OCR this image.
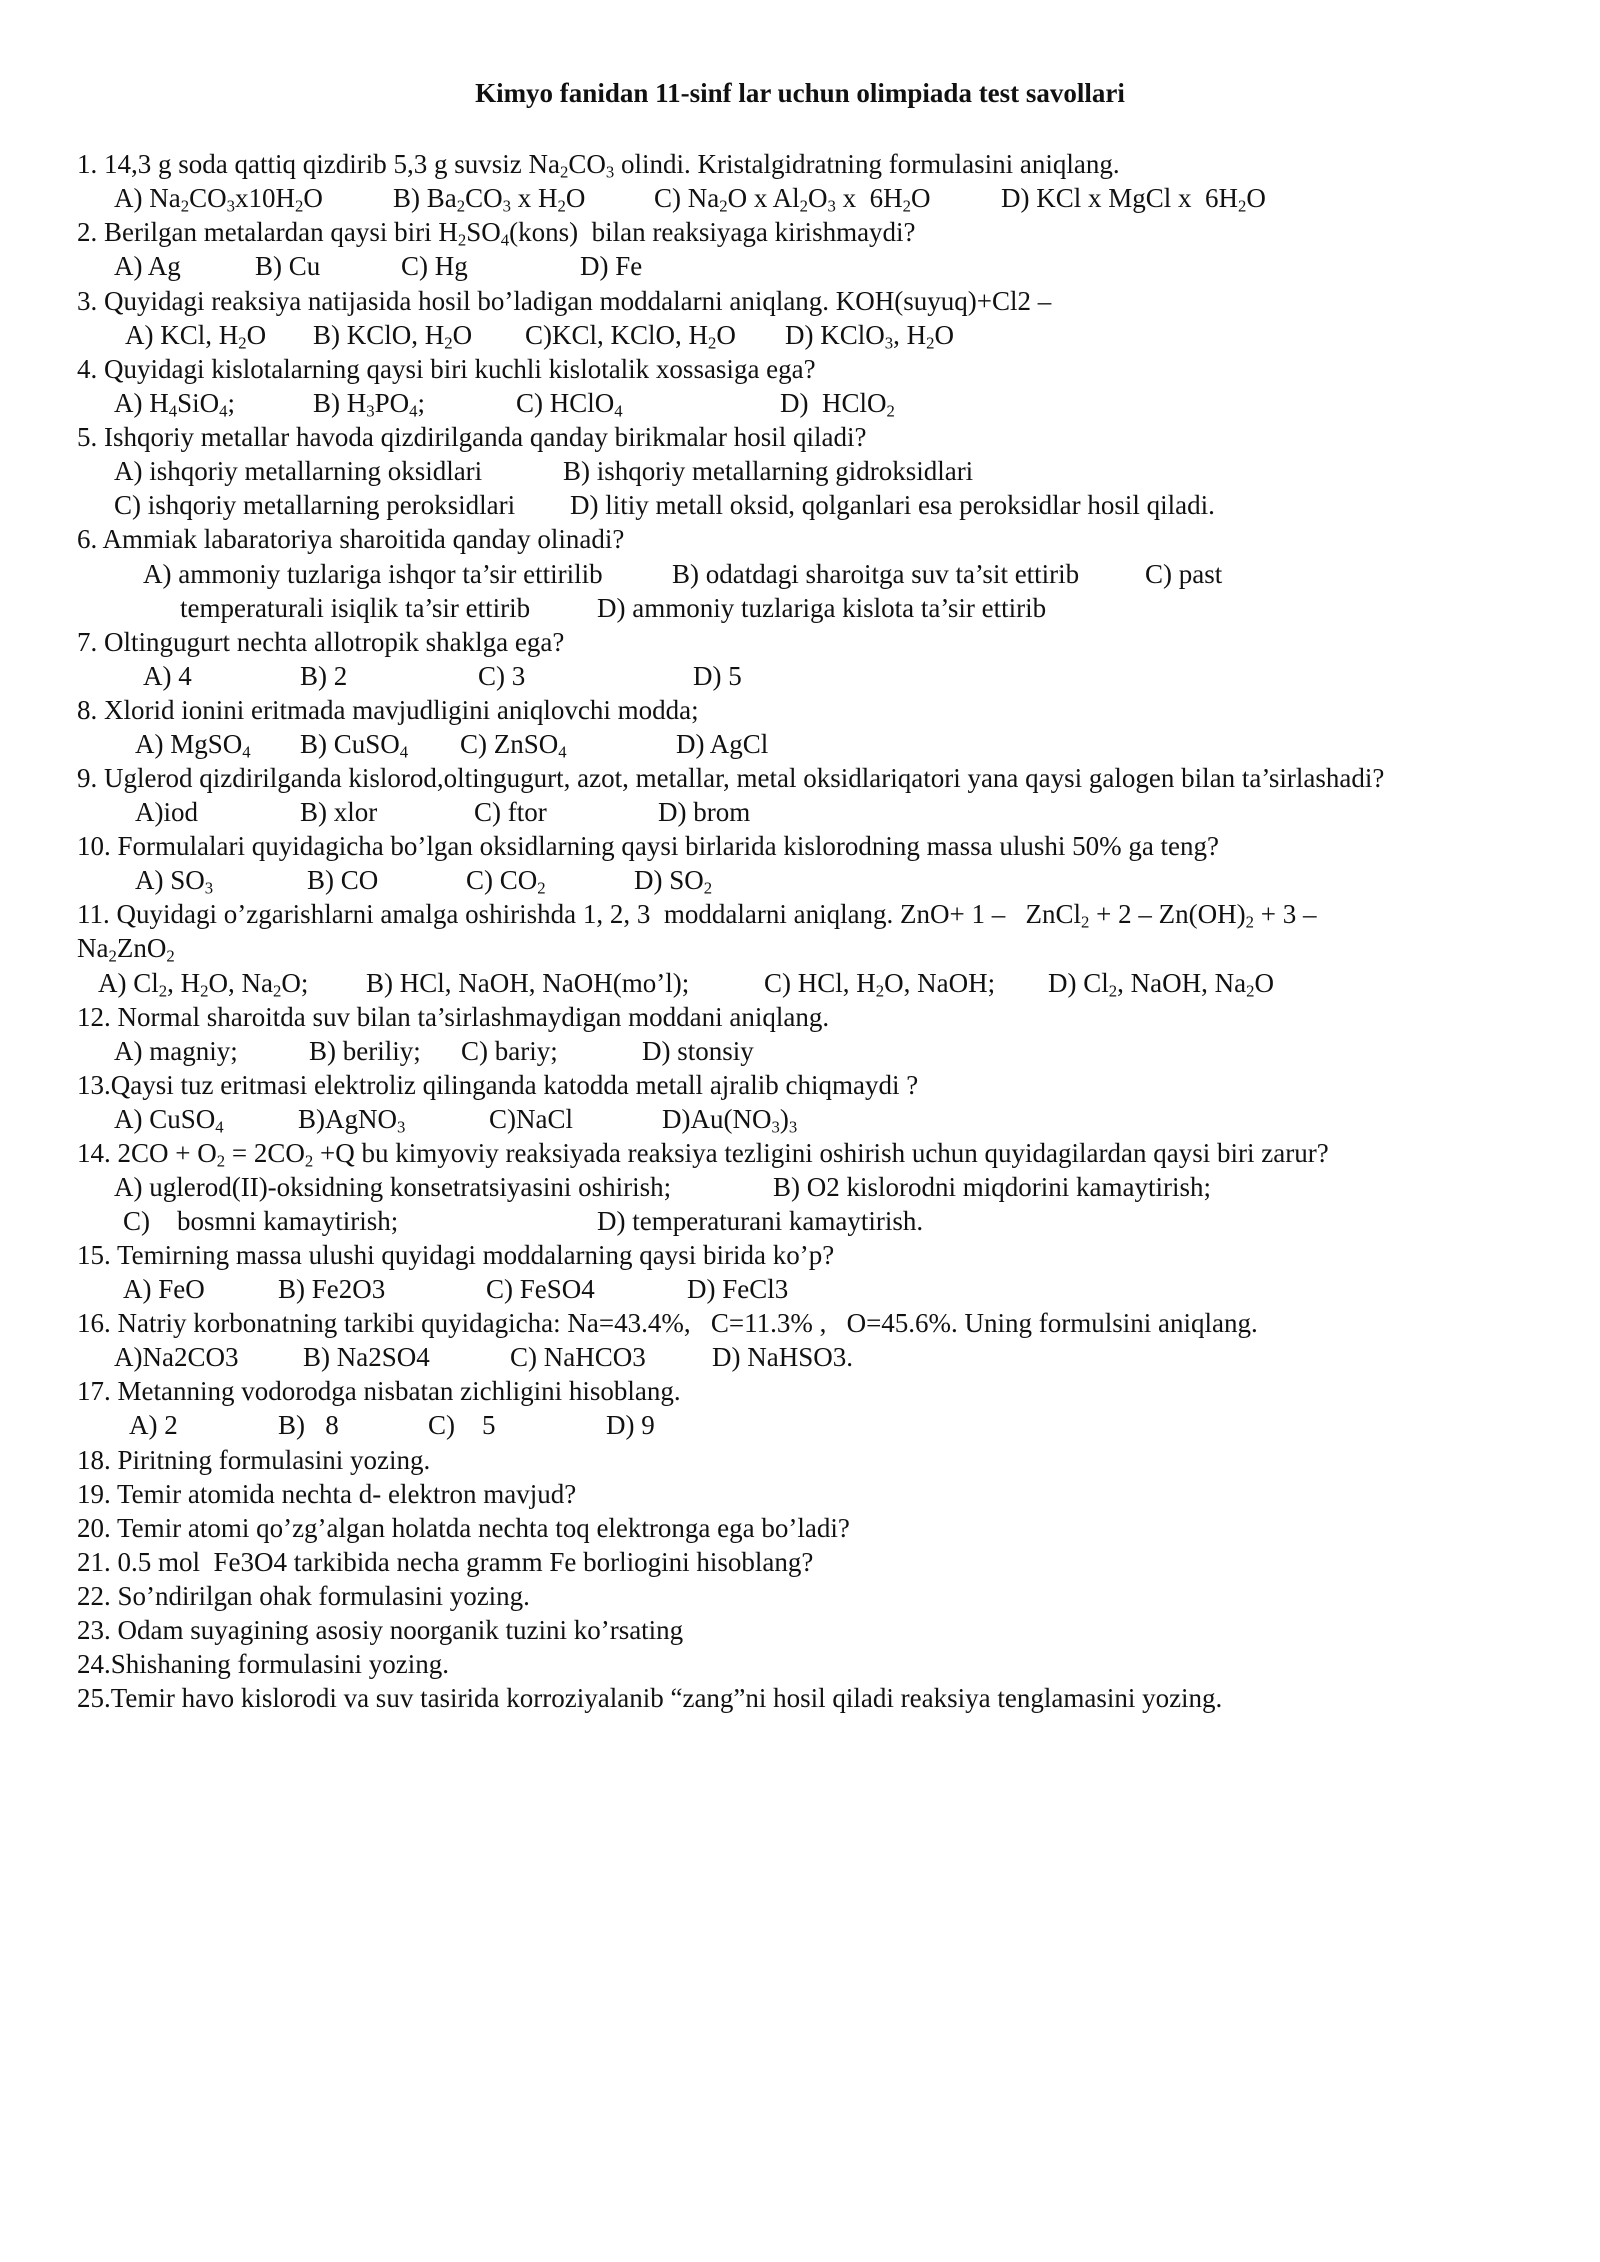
Kimyo fanidan 11-sinf lar uchun olimpiada test savollari
1. 14,3 g soda qattiq qizdirib 5,3 g suvsiz $Na_2CO_3$ olindi. Kristalgidratning formulasini aniqlang.
A) $Na_2CO_3x10H_2O$	B) $Ba_2CO_3$ x $H_2O$	C) $Na_2O$ x $Al_2O_3$ x  $6H_2O$	D) KCl x MgCl x  $6H_2O$
2. Berilgan metalardan qaysi biri $H_2SO_4(kons)$  bilan reaksiyaga kirishmaydi?
A) Ag	B) Cu	C) Hg	D) Fe
3. Quyidagi reaksiya natijasida hosil bo’ladigan moddalarni aniqlang. KOH(suyuq)+Cl2 –
A) KCl, $H_2O$ B) KClO, $H_2O$ C)KCl, KClO, $H_2O$ D) KClO$_3$, $H_2O$
4. Quyidagi kislotalarning qaysi biri kuchli kislotalik xossasiga ega?
A) $H_4SiO_4$;	B) $H_3PO_4$;	C) HClO$_4$	D)  HClO$_2$
5. Ishqoriy metallar havoda qizdirilganda qanday birikmalar hosil qiladi?
A) ishqoriy metallarning oksidlari	B) ishqoriy metallarning gidroksidlari
C) ishqoriy metallarning peroksidlari D) litiy metall oksid, qolganlari esa peroksidlar hosil qiladi.
6. Ammiak labaratoriya sharoitida qanday olinadi?
A) ammoniy tuzlariga ishqor ta’sir ettirilib	B) odatdagi sharoitga suv ta’sit ettirib C) past
temperaturali isiqlik ta’sir ettirib D) ammoniy tuzlariga kislota ta’sir ettirib
7. Oltingugurt nechta allotropik shaklga ega?
A) 4	B) 2	C) 3	D) 5
8. Xlorid ionini eritmada mavjudligini aniqlovchi modda;
A) MgSO$_4$ B) CuSO$_4$ C) ZnSO$_4$	D) AgCl
9. Uglerod qizdirilganda kislorod,oltingugurt, azot, metallar, metal oksidlariqatori yana qaysi galogen bilan ta’sirlashadi?
A)iod	B) xlor	C) ftor	D) brom
10. Formulalari quyidagicha bo’lgan oksidlarning qaysi birlarida kislorodning massa ulushi 50% ga teng?
A) $SO_3$	B) CO	C) $CO_2$	D) $SO_2$
11. Quyidagi o’zgarishlarni amalga oshirishda 1, 2, 3  moddalarni aniqlang. ZnO+ 1 –   ZnCl$_2$ + $2 - Zn(OH)_2 + 3$ –
$Na_2ZnO_2$
A) $Cl_2$, $H_2O$, $Na_2O$; B) HCl, NaOH, NaOH(mo’l);	C) HCl, $H_2O$, NaOH; D) $Cl_2$, NaOH, $Na_2O$
12. Normal sharoitda suv bilan ta’sirlashmaydigan moddani aniqlang.
A) magniy;	B) beriliy; C) bariy;	D) stonsiy
13.Qaysi tuz eritmasi elektroliz qilinganda katodda metall ajralib chiqmaydi ?
A) CuSO$_4$	B)AgNO$_3$	C)NaCl	$D)Au(NO_3)_3$
14. $2CO + O_2 = 2CO_2 +Q$ bu kimyoviy reaksiyada reaksiya tezligini oshirish uchun quyidagilardan qaysi biri zarur?
A) uglerod(II)-oksidning konsetratsiyasini oshirish;	B) O2 kislorodni miqdorini kamaytirish;
C)    bosmni kamaytirish;	D) temperaturani kamaytirish.
15. Temirning massa ulushi quyidagi moddalarning qaysi birida ko’p?
A) FeO	B) Fe2O3	C) FeSO4	D) FeCl3
16. Natriy korbonatning tarkibi quyidagicha: Na=43.4%,   C=11.3% ,   O=45.6%. Uning formulsini aniqlang.
A)Na2CO3 B) Na2SO4	C) NaHCO3 D) NaHSO3.
17. Metanning vodorodga nisbatan zichligini hisoblang.
A) 2	B)   8	C)    5	D) 9
18. Piritning formulasini yozing.
19. Temir atomida nechta d- elektron mavjud?
20. Temir atomi qo’zg’algan holatda nechta toq elektronga ega bo’ladi?
21. 0.5 mol  Fe3O4 tarkibida necha gramm Fe borliogini hisoblang?
22. So’ndirilgan ohak formulasini yozing.
23. Odam suyagining asosiy noorganik tuzini ko’rsating
24.Shishaning formulasini yozing.
25.Temir havo kislorodi va suv tasirida korroziyalanib “zang”ni hosil qiladi reaksiya tenglamasini yozing.
